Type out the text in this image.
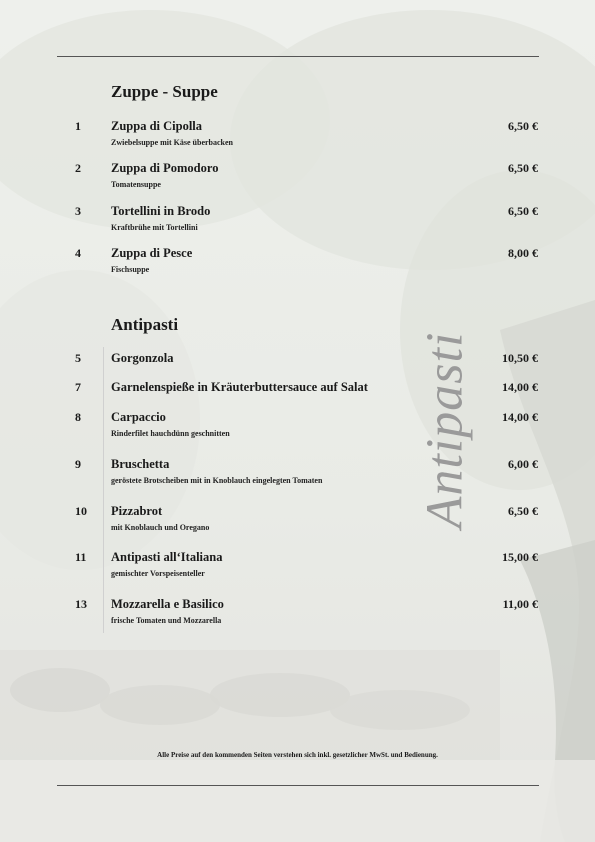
Zuppe - Suppe
1 Zuppa di Cipolla
Zwiebelsuppe mit Käse überbacken
6,50 €
2 Zuppa di Pomodoro
Tomatensuppe
6,50 €
3 Tortellini in Brodo
Kraftbrühe mit Tortellini
6,50 €
4 Zuppa di Pesce
Fischsuppe
8,00 €
Antipasti
5 Gorgonzola	10,50 €
7 Garnelenspieße in Kräuterbuttersauce auf Salat	14,00 €
8 Carpaccio
Rinderfilet hauchdünn geschnitten
14,00 €
9 Bruschetta
geröstete Brotscheiben mit in Knoblauch eingelegten Tomaten
6,00 €
10 Pizzabrot
mit Knoblauch und Oregano
6,50 €
11 Antipasti all‘Italiana
gemischter Vorspeisenteller
15,00 €
13 Mozzarella e Basilico
frische Tomaten und Mozzarella
11,00 €
Antipasti
Alle Preise auf den kommenden Seiten verstehen sich inkl. gesetzlicher MwSt. und Bedienung.
